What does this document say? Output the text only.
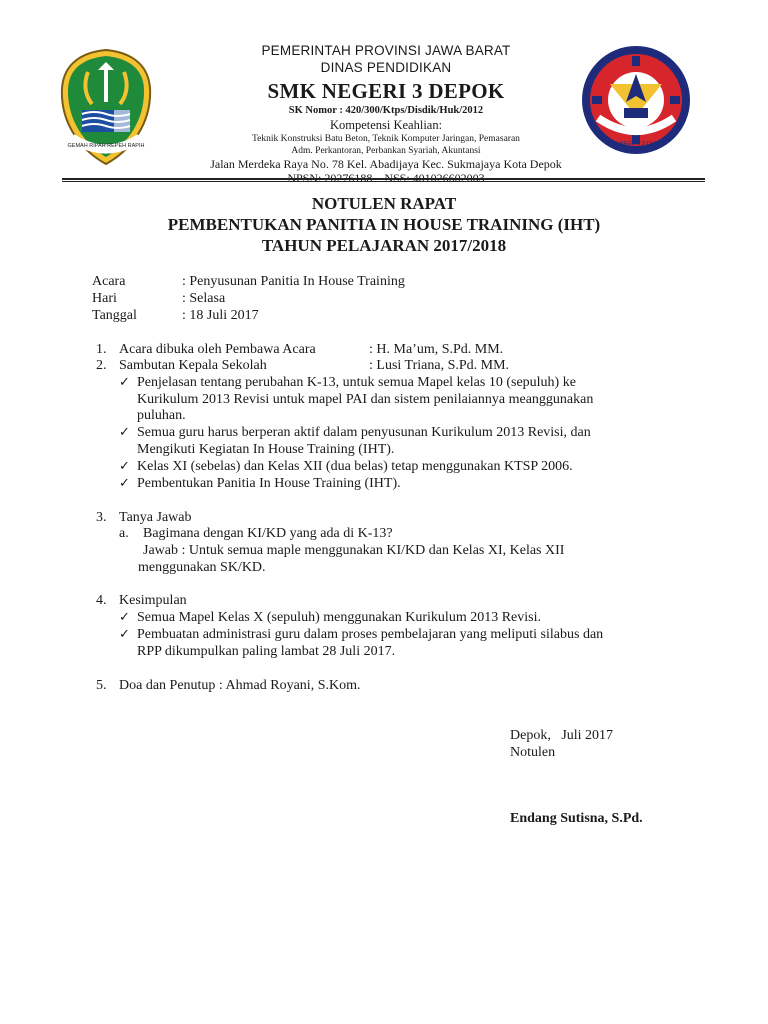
GEMAH RIPAH REPEH RAPIH	SMK NEGERI 3 DEPOK
PEMERINTAH PROVINSI JAWA BARAT
DINAS PENDIDIKAN
SMK NEGERI 3 DEPOK
SK Nomor : 420/300/Ktps/Disdik/Huk/2012
Kompetensi Keahlian:
Teknik Konstruksi Batu Beton, Teknik Komputer Jaringan, Pemasaran
Adm. Perkantoran, Perbankan Syariah, Akuntansi
Jalan Merdeka Raya No. 78 Kel. Abadijaya Kec. Sukmajaya Kota Depok
NPSN: 20276188    NSS: 401026602003
NOTULEN RAPAT
PEMBENTUKAN PANITIA IN HOUSE TRAINING (IHT)
TAHUN PELAJARAN 2017/2018
Acara	: Penyusunan Panitia In House Training
Hari	: Selasa
Tanggal	: 18 Juli 2017
1. Acara dibuka oleh Pembawa Acara	: H. Ma’um, S.Pd. MM.
2. Sambutan Kepala Sekolah	: Lusi Triana, S.Pd. MM.
✓ Penjelasan tentang perubahan K-13, untuk semua Mapel kelas 10 (sepuluh) ke
Kurikulum 2013 Revisi untuk mapel PAI dan sistem penilaiannya meanggunakan
puluhan.
✓ Semua guru harus berperan aktif dalam penyusunan Kurikulum 2013 Revisi, dan
Mengikuti Kegiatan In House Training (IHT).
✓ Kelas XI (sebelas) dan Kelas XII (dua belas) tetap menggunakan KTSP 2006.
✓ Pembentukan Panitia In House Training (IHT).
3. Tanya Jawab
a. Bagimana dengan KI/KD yang ada di K-13?
Jawab : Untuk semua maple menggunakan KI/KD dan Kelas XI, Kelas XII
menggunakan SK/KD.
4. Kesimpulan
✓ Semua Mapel Kelas X (sepuluh) menggunakan Kurikulum 2013 Revisi.
✓ Pembuatan administrasi guru dalam proses pembelajaran yang meliputi silabus dan
RPP dikumpulkan paling lambat 28 Juli 2017.
5. Doa dan Penutup : Ahmad Royani, S.Kom.
Depok,   Juli 2017
Notulen
Endang Sutisna, S.Pd.
